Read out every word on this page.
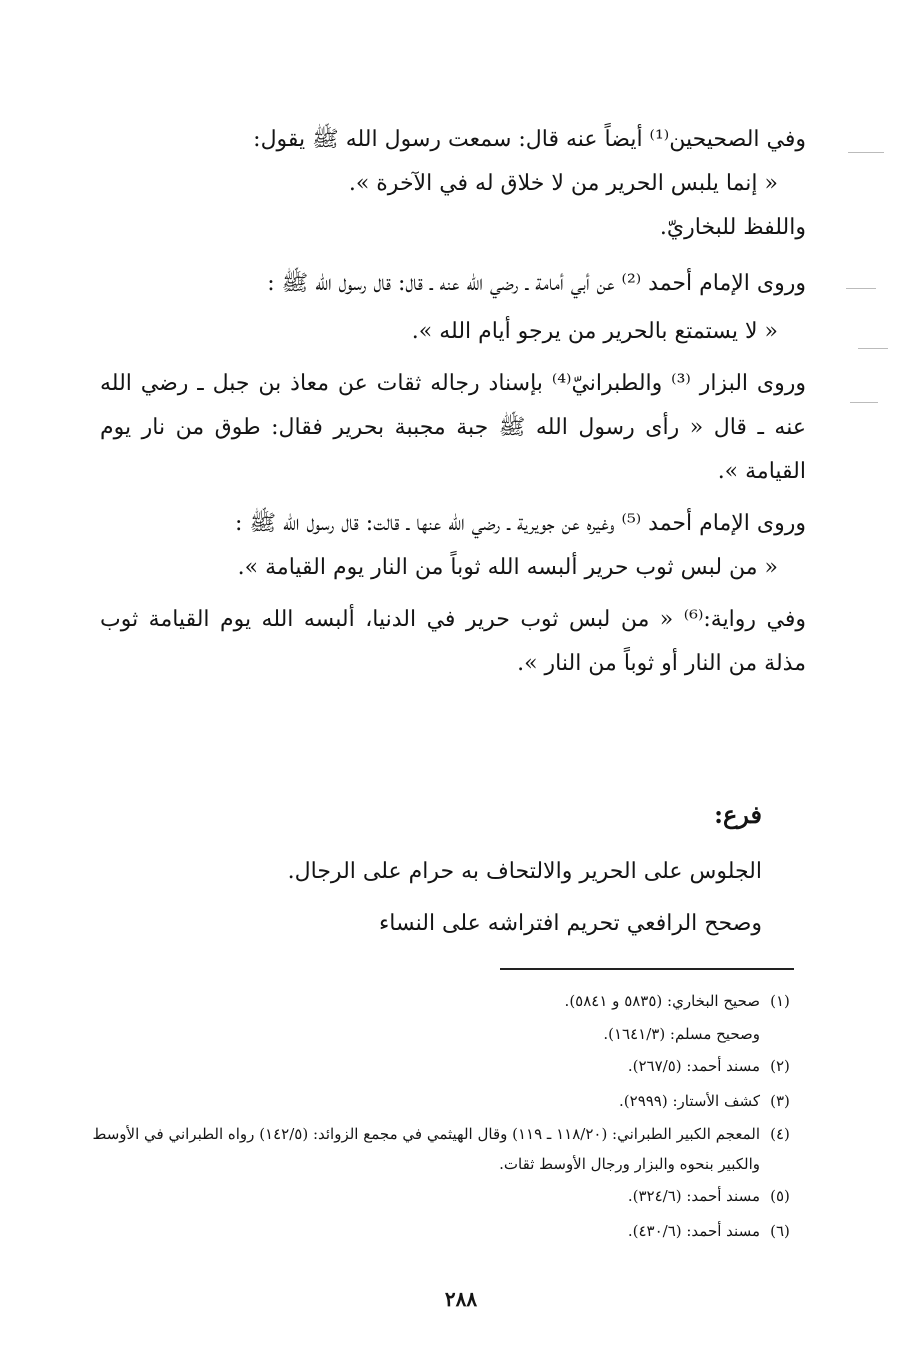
وفي الصحيحين⁽¹⁾ أيضاً عنه قال: سمعت رسول الله ﷺ يقول:

« إنما يلبس الحرير من لا خلاق له في الآخرة ».

واللفظ للبخاريّ.

وروى الإمام أحمد ⁽²⁾ عن أبي أمامة ـ رضي الله عنه ـ قال: قال رسول الله ﷺ :

« لا يستمتع بالحرير من يرجو أيام الله ».

وروى البزار ⁽³⁾ والطبرانيّ⁽⁴⁾ بإسناد رجاله ثقات عن معاذ بن جبل ـ رضي الله عنه ـ قال « رأى رسول الله ﷺ جبة مجببة بحرير فقال: طوق من نار يوم القيامة ».

وروى الإمام أحمد ⁽⁵⁾ وغيره عن جويرية ـ رضي الله عنها ـ قالت: قال رسول الله ﷺ :

« من لبس ثوب حرير ألبسه الله ثوباً من النار يوم القيامة ».

وفي رواية:⁽⁶⁾ « من لبس ثوب حرير في الدنيا، ألبسه الله يوم القيامة ثوب مذلة من النار أو ثوباً من النار ».

فرع:

الجلوس على الحرير والالتحاف به حرام على الرجال.

وصحح الرافعي تحريم افتراشه على النساء

(١)
صحيح البخاري: (٥٨٣٥ و ٥٨٤١).
وصحيح مسلم: (١٦٤١/٣).
(٢)
مسند أحمد: (٢٦٧/٥).
(٣)
كشف الأستار: (٢٩٩٩).
(٤)
المعجم الكبير الطبراني: (١١٨/٢٠ ـ ١١٩) وقال الهيثمي في مجمع الزوائد: (١٤٢/٥) رواه الطبراني في الأوسط والكبير بنحوه والبزار ورجال الأوسط ثقات.
(٥)
مسند أحمد: (٣٢٤/٦).
(٦)
مسند أحمد: (٤٣٠/٦).
٢٨٨
